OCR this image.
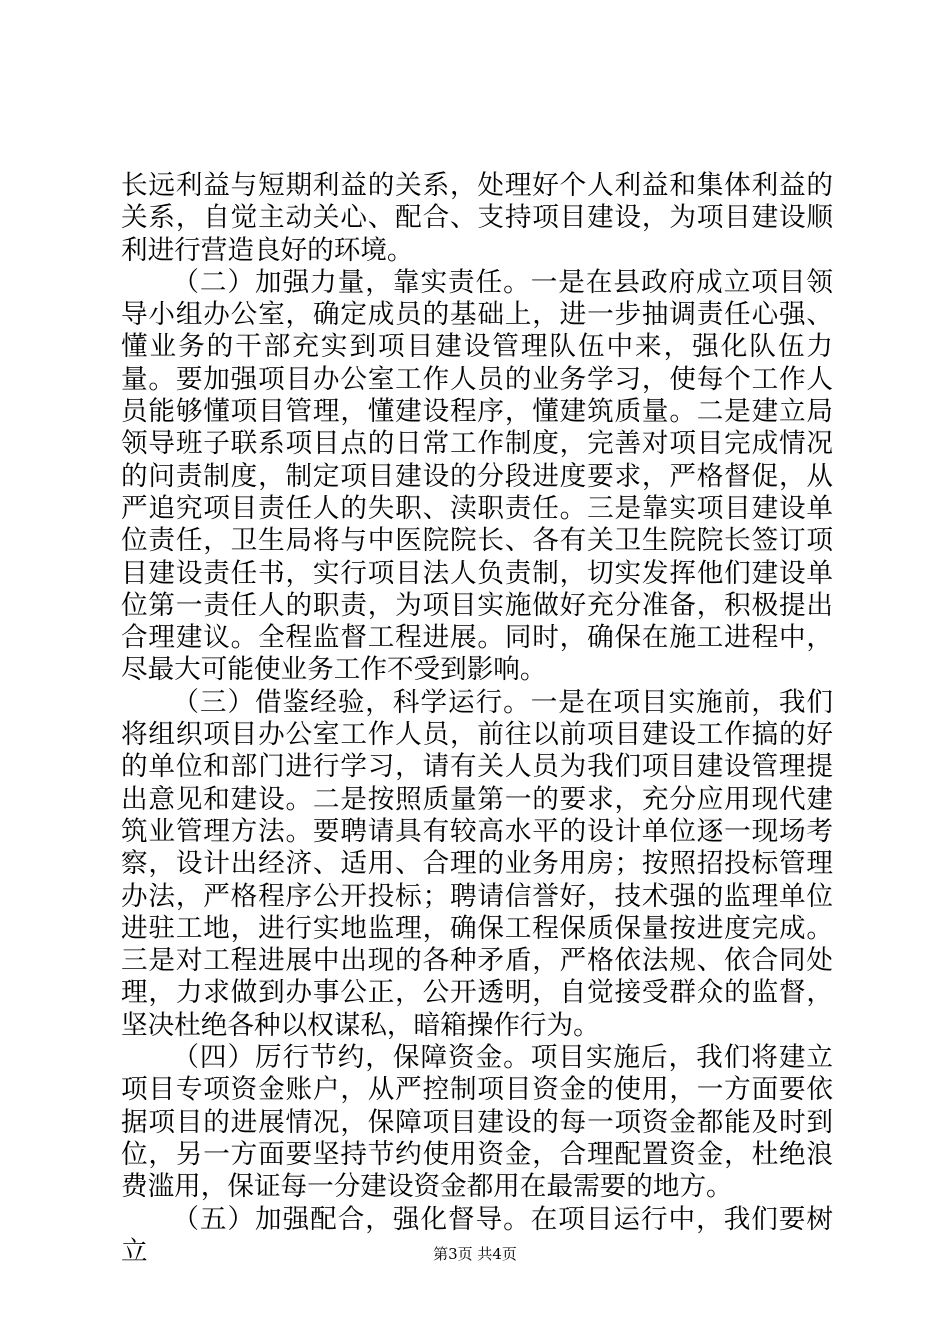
长远利益与短期利益的关系，处理好个人利益和集体利益的关系，自觉主动关心、配合、支持项目建设，为项目建设顺利进行营造良好的环境。

（二）加强力量，靠实责任。一是在县政府成立项目领导小组办公室，确定成员的基础上，进一步抽调责任心强、懂业务的干部充实到项目建设管理队伍中来，强化队伍力量。要加强项目办公室工作人员的业务学习，使每个工作人员能够懂项目管理，懂建设程序，懂建筑质量。二是建立局领导班子联系项目点的日常工作制度，完善对项目完成情况的问责制度，制定项目建设的分段进度要求，严格督促，从严追究项目责任人的失职、渎职责任。三是靠实项目建设单位责任，卫生局将与中医院院长、各有关卫生院院长签订项目建设责任书，实行项目法人负责制，切实发挥他们建设单位第一责任人的职责，为项目实施做好充分准备，积极提出合理建议。全程监督工程进展。同时，确保在施工进程中，尽最大可能使业务工作不受到影响。

（三）借鉴经验，科学运行。一是在项目实施前，我们将组织项目办公室工作人员，前往以前项目建设工作搞的好的单位和部门进行学习，请有关人员为我们项目建设管理提出意见和建设。二是按照质量第一的要求，充分应用现代建筑业管理方法。要聘请具有较高水平的设计单位逐一现场考察，设计出经济、适用、合理的业务用房；按照招投标管理办法，严格程序公开投标；聘请信誉好，技术强的监理单位进驻工地，进行实地监理，确保工程保质保量按进度完成。三是对工程进展中出现的各种矛盾，严格依法规、依合同处理，力求做到办事公正，公开透明，自觉接受群众的监督，坚决杜绝各种以权谋私，暗箱操作行为。

（四）厉行节约，保障资金。项目实施后，我们将建立项目专项资金账户，从严控制项目资金的使用，一方面要依据项目的进展情况，保障项目建设的每一项资金都能及时到位，另一方面要坚持节约使用资金，合理配置资金，杜绝浪费滥用，保证每一分建设资金都用在最需要的地方。

（五）加强配合，强化督导。在项目运行中，我们要树立	第3页 共4页
